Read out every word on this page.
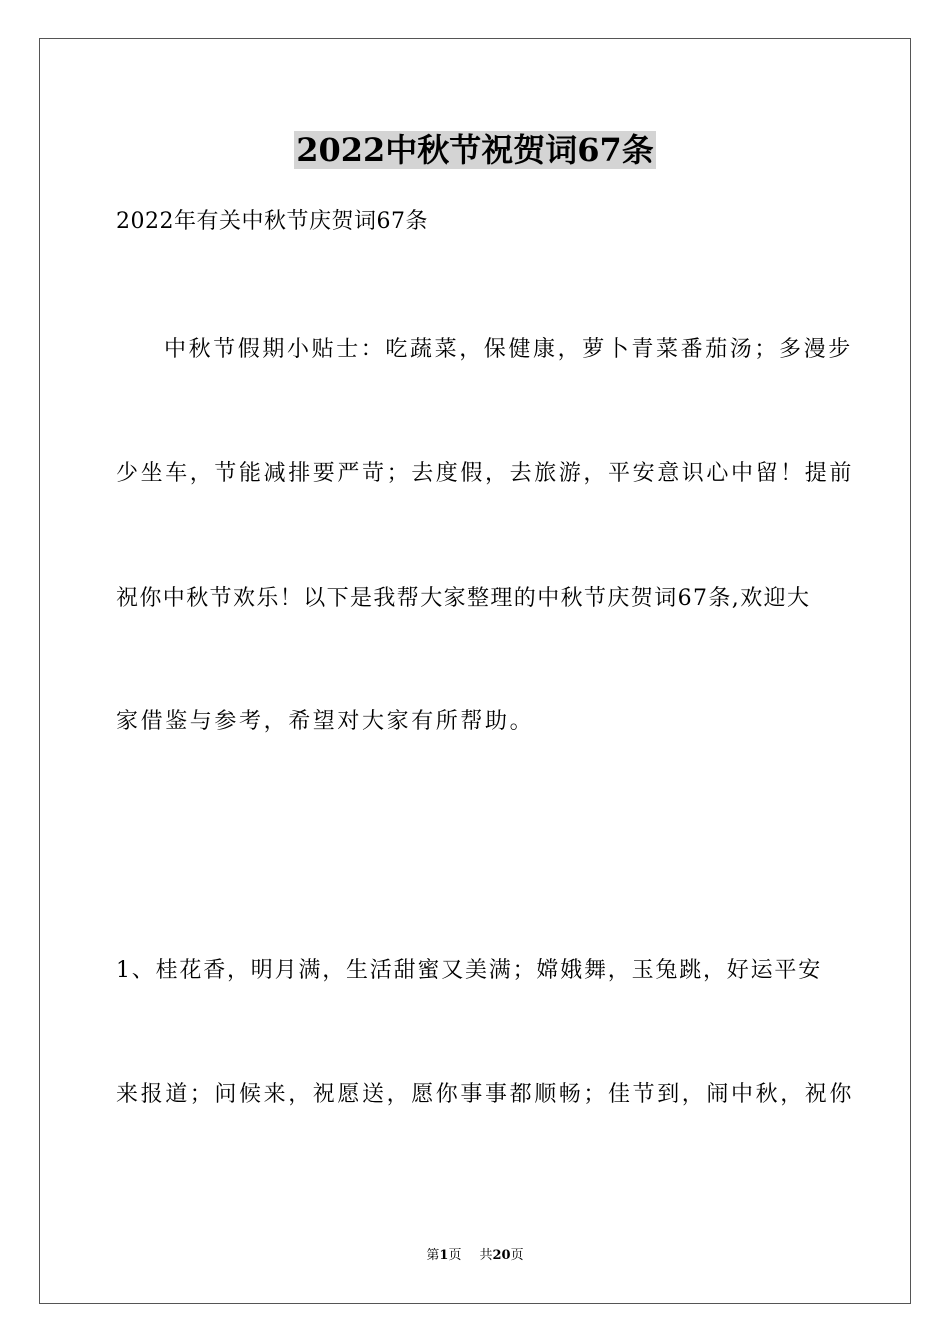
2022中秋节祝贺词67条
2022年有关中秋节庆贺词67条
中秋节假期小贴士：吃蔬菜，保健康，萝卜青菜番茄汤；多漫步
少坐车，节能减排要严苛；去度假，去旅游，平安意识心中留！提前
祝你中秋节欢乐！以下是我帮大家整理的中秋节庆贺词67条,欢迎大
家借鉴与参考，希望对大家有所帮助。
1、桂花香，明月满，生活甜蜜又美满；嫦娥舞，玉兔跳，好运平安
来报道；问候来，祝愿送，愿你事事都顺畅；佳节到，闹中秋，祝你
第1页 共20页
